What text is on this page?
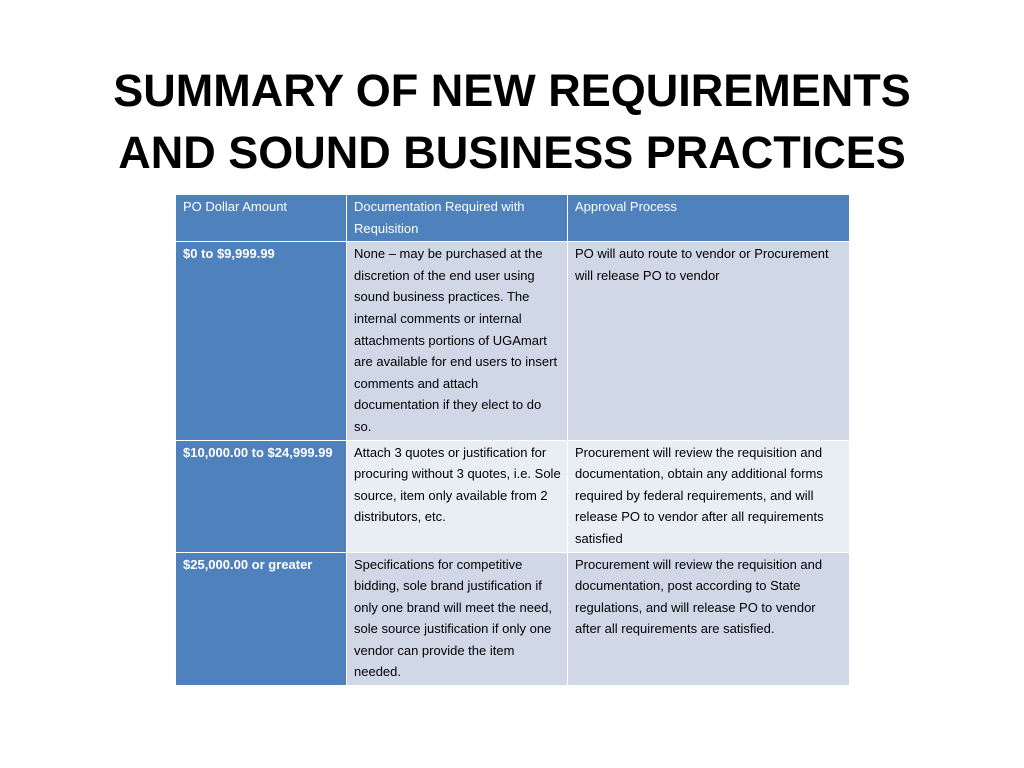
SUMMARY OF NEW REQUIREMENTS
AND SOUND BUSINESS PRACTICES
PO Dollar Amount	Documentation Required with Requisition	Approval Process
$0 to $9,999.99	None – may be purchased at the discretion of the end user using sound business practices. The internal comments or internal attachments portions of UGAmart are available for end users to insert comments and attach documentation if they elect to do so.	PO will auto route to vendor or Procurement will release PO to vendor
$10,000.00 to $24,999.99	Attach 3 quotes or justification for procuring without 3 quotes, i.e. Sole source, item only available from 2 distributors, etc.	Procurement will review the requisition and documentation, obtain any additional forms required by federal requirements, and will release PO to vendor after all requirements satisfied
$25,000.00 or greater	Specifications for competitive bidding, sole brand justification if only one brand will meet the need, sole source justification if only one vendor can provide the item needed.	Procurement will review the requisition and documentation, post according to State regulations, and will release PO to vendor after all requirements are satisfied.
